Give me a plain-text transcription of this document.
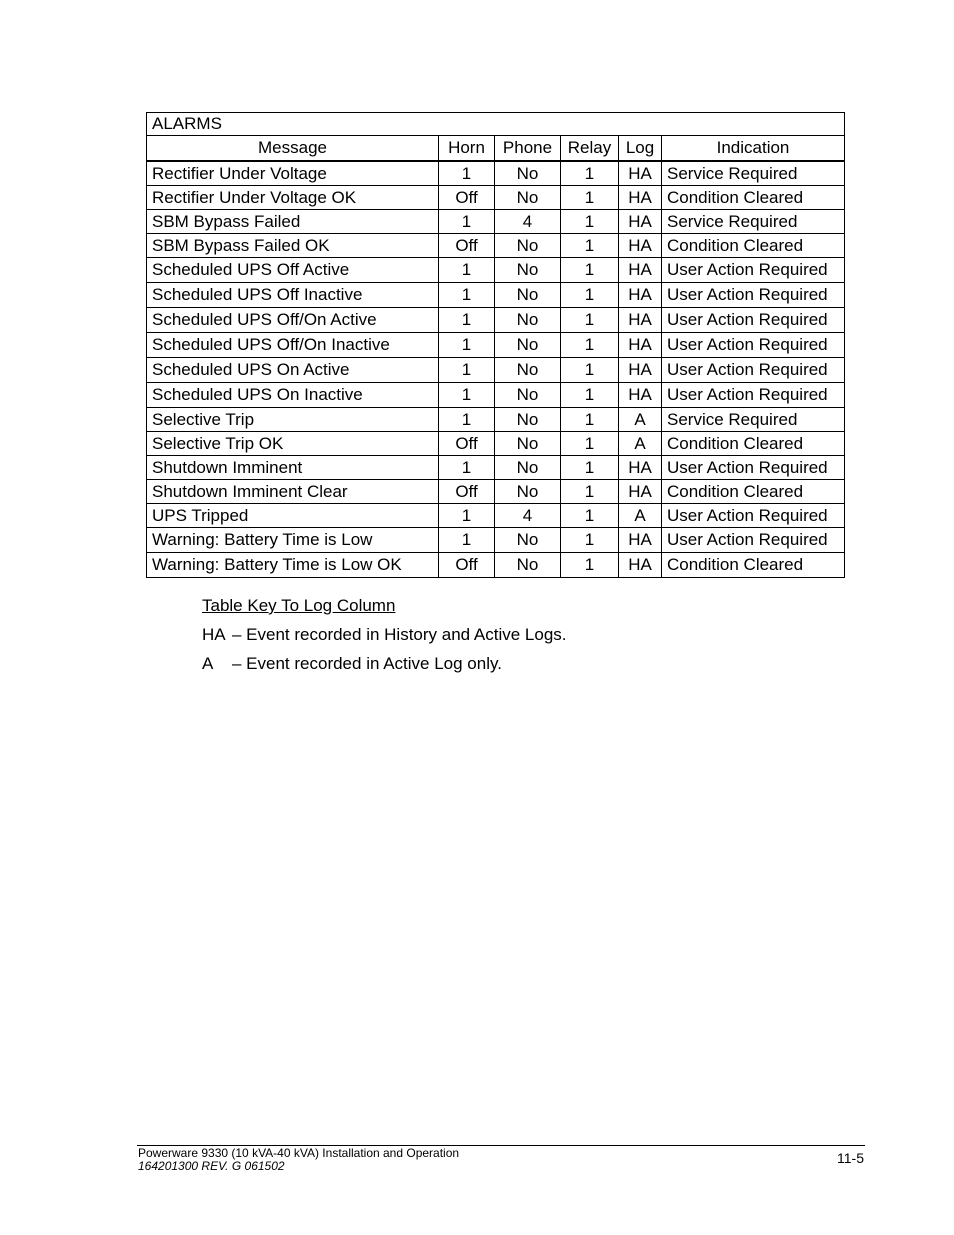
ALARMS					
Message	Horn	Phone	Relay	Log	Indication
Rectifier Under Voltage	1	No	1	HA	Service Required
Rectifier Under Voltage OK	Off	No	1	HA	Condition Cleared
SBM Bypass Failed	1	4	1	HA	Service Required
SBM Bypass Failed OK	Off	No	1	HA	Condition Cleared
Scheduled UPS Off Active	1	No	1	HA	User Action Required
Scheduled UPS Off Inactive	1	No	1	HA	User Action Required
Scheduled UPS Off/On Active	1	No	1	HA	User Action Required
Scheduled UPS Off/On Inactive	1	No	1	HA	User Action Required
Scheduled UPS On Active	1	No	1	HA	User Action Required
Scheduled UPS On Inactive	1	No	1	HA	User Action Required
Selective Trip	1	No	1	A	Service Required
Selective Trip OK	Off	No	1	A	Condition Cleared
Shutdown Imminent	1	No	1	HA	User Action Required
Shutdown Imminent Clear	Off	No	1	HA	Condition Cleared
UPS Tripped	1	4	1	A	User Action Required
Warning: Battery Time is Low	1	No	1	HA	User Action Required
Warning: Battery Time is Low OK	Off	No	1	HA	Condition Cleared
Table Key To Log Column
HA – Event recorded in History and Active Logs.
A – Event recorded in Active Log only.
Powerware 9330 (10 kVA-40 kVA) Installation and Operation
164201300 REV. G 061502	11-5
